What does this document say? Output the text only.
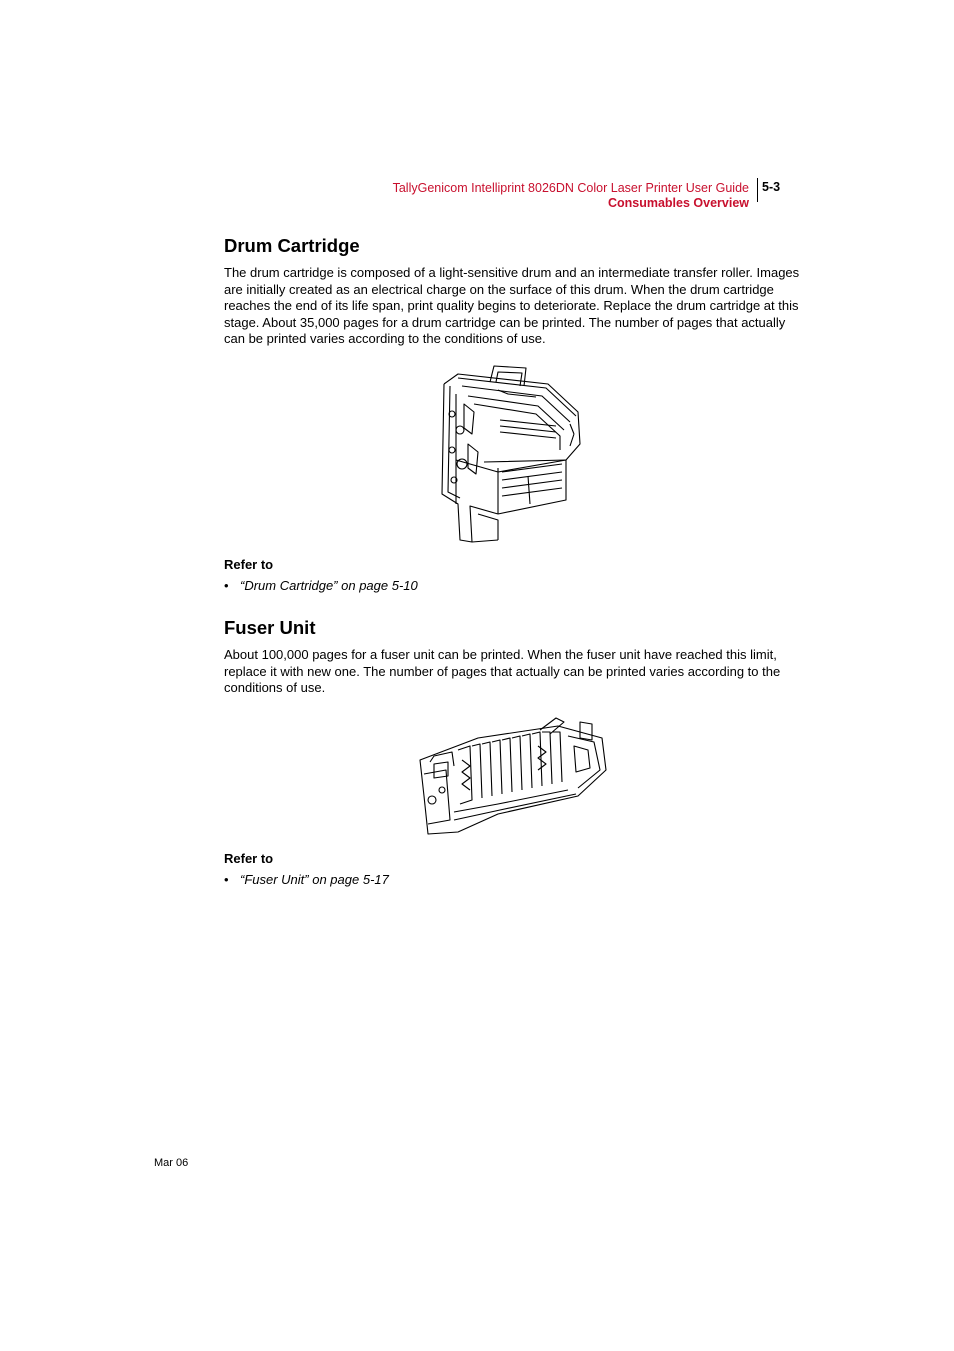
TallyGenicom Intelliprint 8026DN Color Laser Printer User Guide
Consumables Overview
5-3
Drum Cartridge

The drum cartridge is composed of a light-sensitive drum and an intermediate transfer roller. Images are initially created as an electrical charge on the surface of this drum. When the drum cartridge reaches the end of its life span, print quality begins to deteriorate. Replace the drum cartridge at this stage. About 35,000 pages for a drum cartridge can be printed. The number of pages that actually can be printed varies according to the conditions of use.

Refer to
• “Drum Cartridge” on page 5-10
Fuser Unit

About 100,000 pages for a fuser unit can be printed. When the fuser unit have reached this limit, replace it with new one. The number of pages that actually can be printed varies according to the conditions of use.

Refer to
• “Fuser Unit” on page 5-17
Mar 06
